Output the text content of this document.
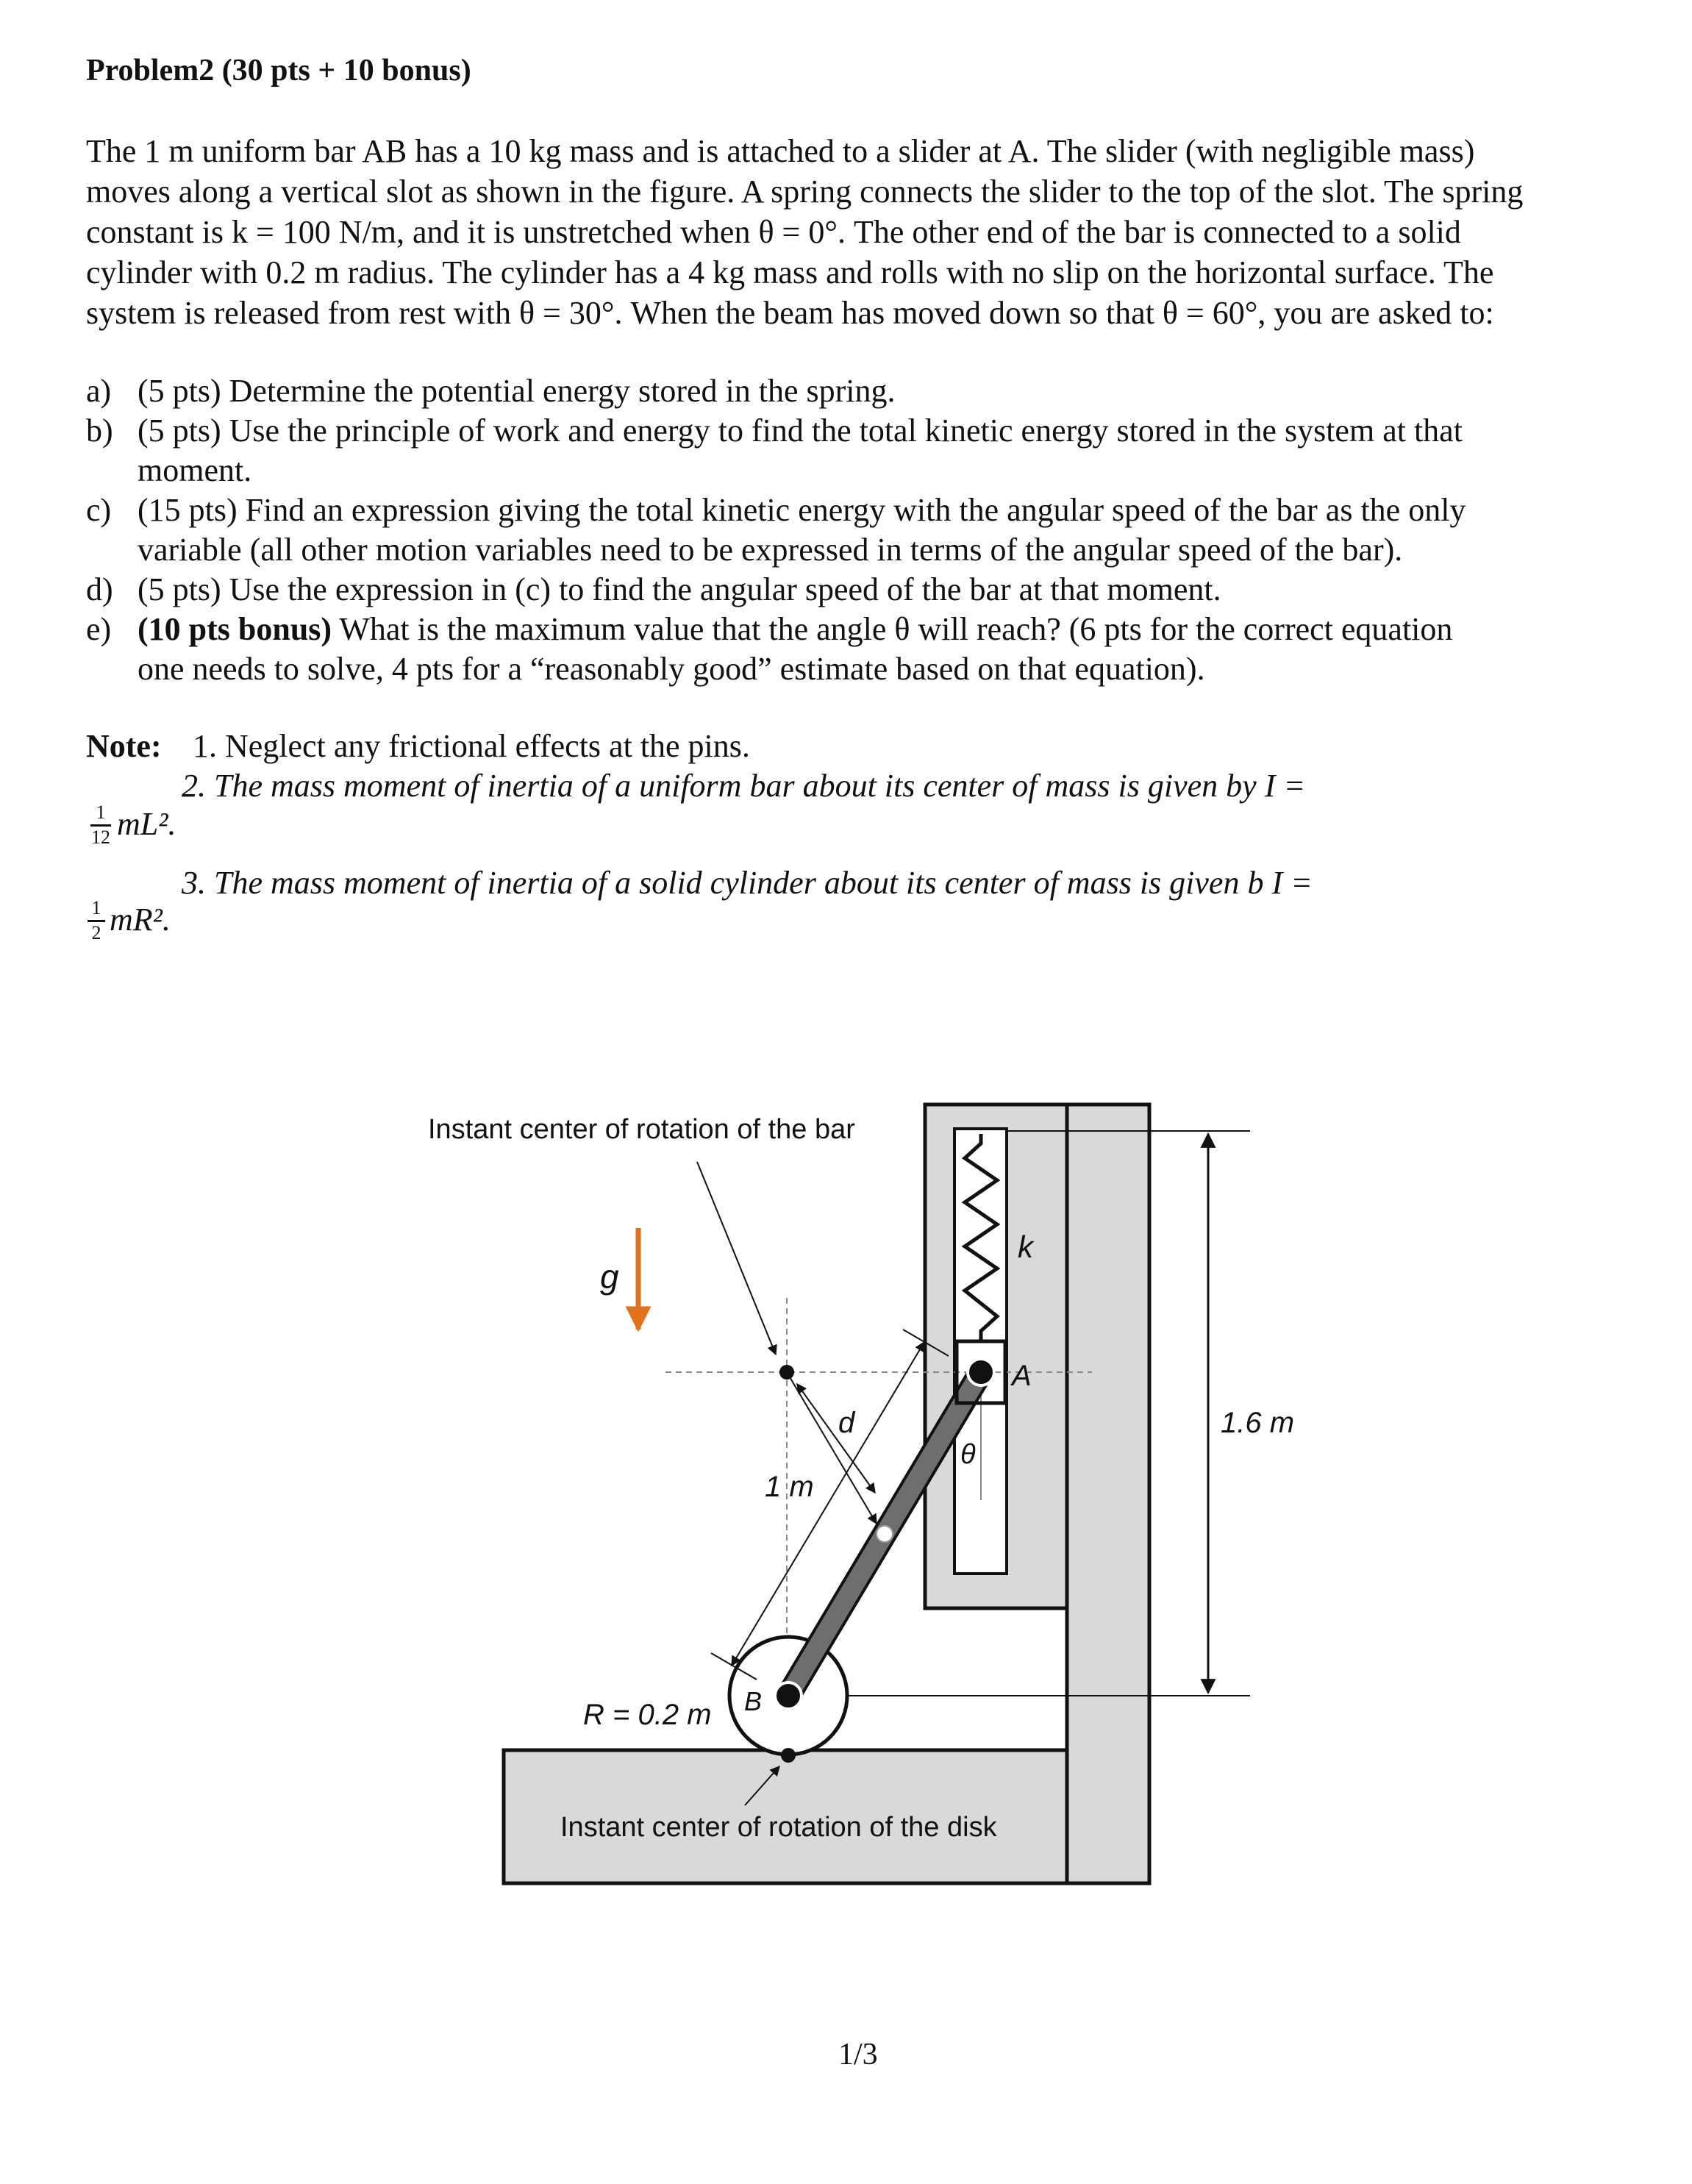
Problem2 (30 pts + 10 bonus)

The 1 m uniform bar AB has a 10 kg mass and is attached to a slider at A. The slider (with negligible mass)

moves along a vertical slot as shown in the figure. A spring connects the slider to the top of the slot. The spring

constant is k = 100 N/m, and it is unstretched when θ = 0°. The other end of the bar is connected to a solid

cylinder with 0.2 m radius. The cylinder has a 4 kg mass and rolls with no slip on the horizontal surface. The

system is released from rest with θ = 30°. When the beam has moved down so that θ = 60°, you are asked to:

a) (5 pts) Determine the potential energy stored in the spring.
b) (5 pts) Use the principle of work and energy to find the total kinetic energy stored in the system at that
moment.
c) (15 pts) Find an expression giving the total kinetic energy with the angular speed of the bar as the only
variable (all other motion variables need to be expressed in terms of the angular speed of the bar).
d) (5 pts) Use the expression in (c) to find the angular speed of the bar at that moment.
e) (10 pts bonus) What is the maximum value that the angle θ will reach? (6 pts for the correct equation
one needs to solve, 4 pts for a “reasonably good” estimate based on that equation).
Note: 1. Neglect any frictional effects at the pins.
2. The mass moment of inertia of a uniform bar about its center of mass is given by I =
1
12 mL².
3. The mass moment of inertia of a solid cylinder about its center of mass is given b I =
1
2 mR².
Instant center of rotation of the bar
Instant center of rotation of the disk
g
k
A
B
d
θ
1 m
R = 0.2 m
1.6 m
1/3
